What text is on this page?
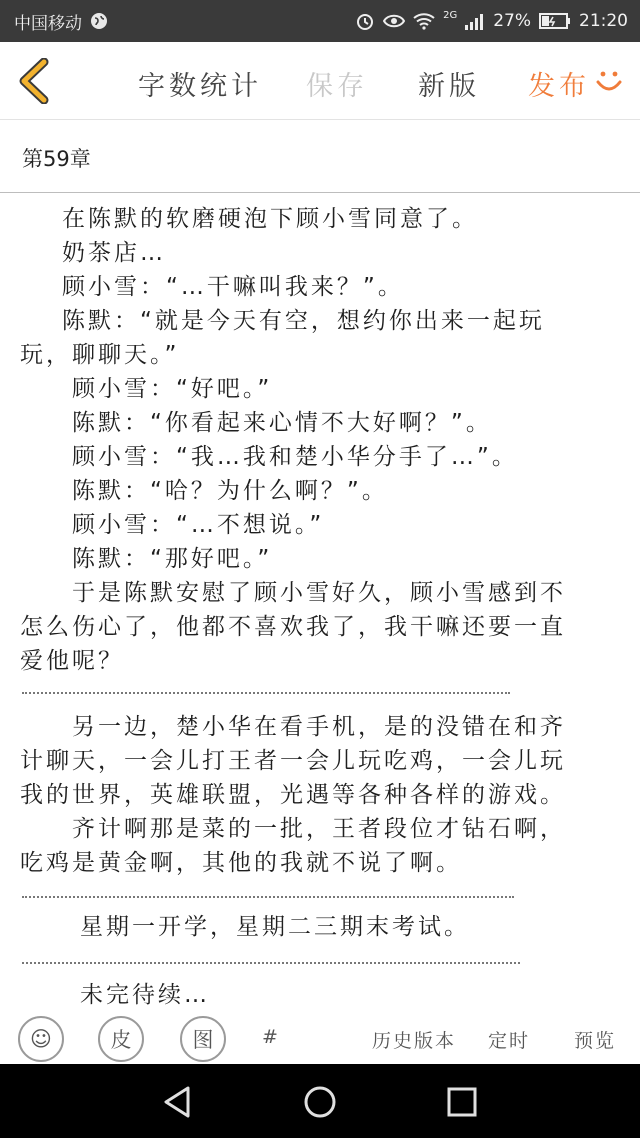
中国移动	2G 27%	21:20
字数统计 保存 新版 发布
第59章
在陈默的软磨硬泡下顾小雪同意了。
奶茶店…
顾小雪：“…干嘛叫我来？”。
陈默：“就是今天有空，想约你出来一起玩
玩，聊聊天。”
顾小雪：“好吧。”
陈默：“你看起来心情不大好啊？”。
顾小雪：“我…我和楚小华分手了…”。
陈默：“哈？为什么啊？”。
顾小雪：“…不想说。”
陈默：“那好吧。”
于是陈默安慰了顾小雪好久，顾小雪感到不
怎么伤心了，他都不喜欢我了，我干嘛还要一直
爱他呢？
另一边，楚小华在看手机，是的没错在和齐
计聊天，一会儿打王者一会儿玩吃鸡，一会儿玩
我的世界，英雄联盟，光遇等各种各样的游戏。
齐计啊那是菜的一批，王者段位才钻石啊，
吃鸡是黄金啊，其他的我就不说了啊。
星期一开学，星期二三期末考试。
未完待续…
☺	皮	图	#	历史版本 定时 预览
